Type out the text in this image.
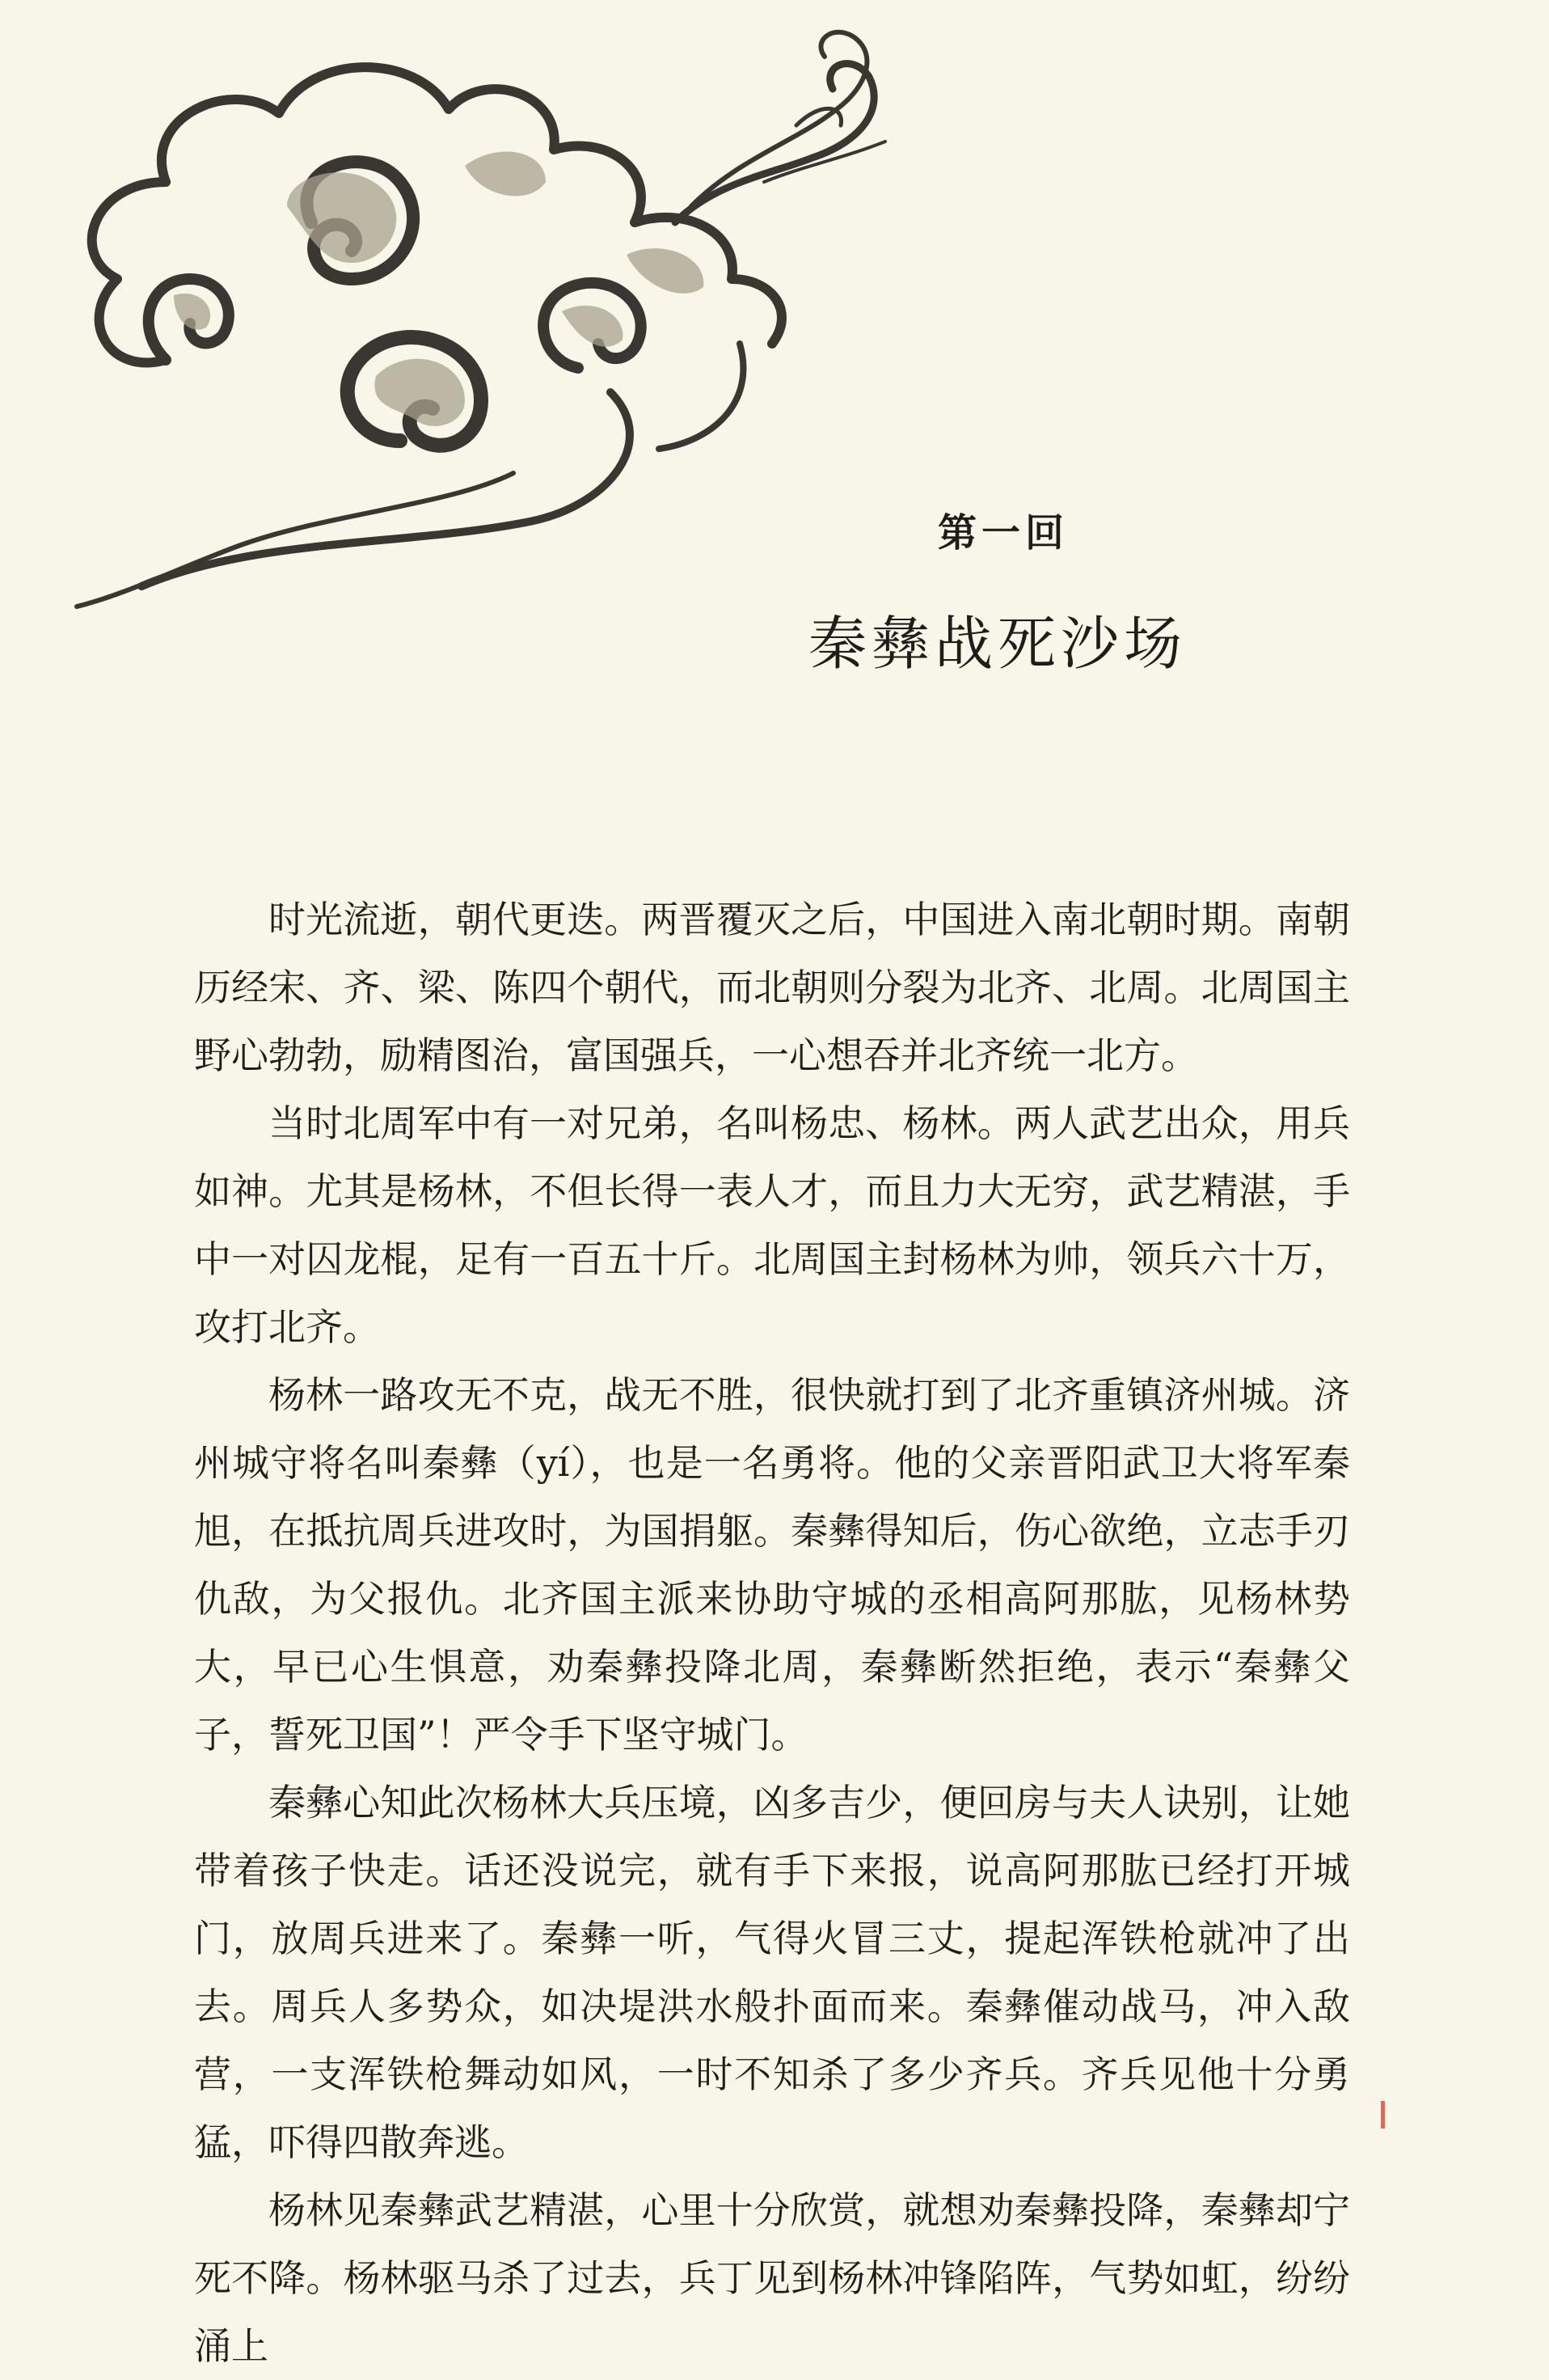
第一回
秦彝战死沙场

时光流逝，朝代更迭。两晋覆灭之后，中国进入南北朝时期。南朝历经宋、齐、梁、陈四个朝代，而北朝则分裂为北齐、北周。北周国主野心勃勃，励精图治，富国强兵，一心想吞并北齐统一北方。

当时北周军中有一对兄弟，名叫杨忠、杨林。两人武艺出众，用兵如神。尤其是杨林，不但长得一表人才，而且力大无穷，武艺精湛，手中一对囚龙棍，足有一百五十斤。北周国主封杨林为帅，领兵六十万，攻打北齐。

杨林一路攻无不克，战无不胜，很快就打到了北齐重镇济州城。济州城守将名叫秦彝（yí），也是一名勇将。他的父亲晋阳武卫大将军秦旭，在抵抗周兵进攻时，为国捐躯。秦彝得知后，伤心欲绝，立志手刃仇敌，为父报仇。北齐国主派来协助守城的丞相高阿那肱，见杨林势大，早已心生惧意，劝秦彝投降北周，秦彝断然拒绝，表示“秦彝父子，誓死卫国”！严令手下坚守城门。

秦彝心知此次杨林大兵压境，凶多吉少，便回房与夫人诀别，让她带着孩子快走。话还没说完，就有手下来报，说高阿那肱已经打开城门，放周兵进来了。秦彝一听，气得火冒三丈，提起浑铁枪就冲了出去。周兵人多势众，如决堤洪水般扑面而来。秦彝催动战马，冲入敌营，一支浑铁枪舞动如风，一时不知杀了多少齐兵。齐兵见他十分勇猛，吓得四散奔逃。

杨林见秦彝武艺精湛，心里十分欣赏，就想劝秦彝投降，秦彝却宁死不降。杨林驱马杀了过去，兵丁见到杨林冲锋陷阵，气势如虹，纷纷涌上
